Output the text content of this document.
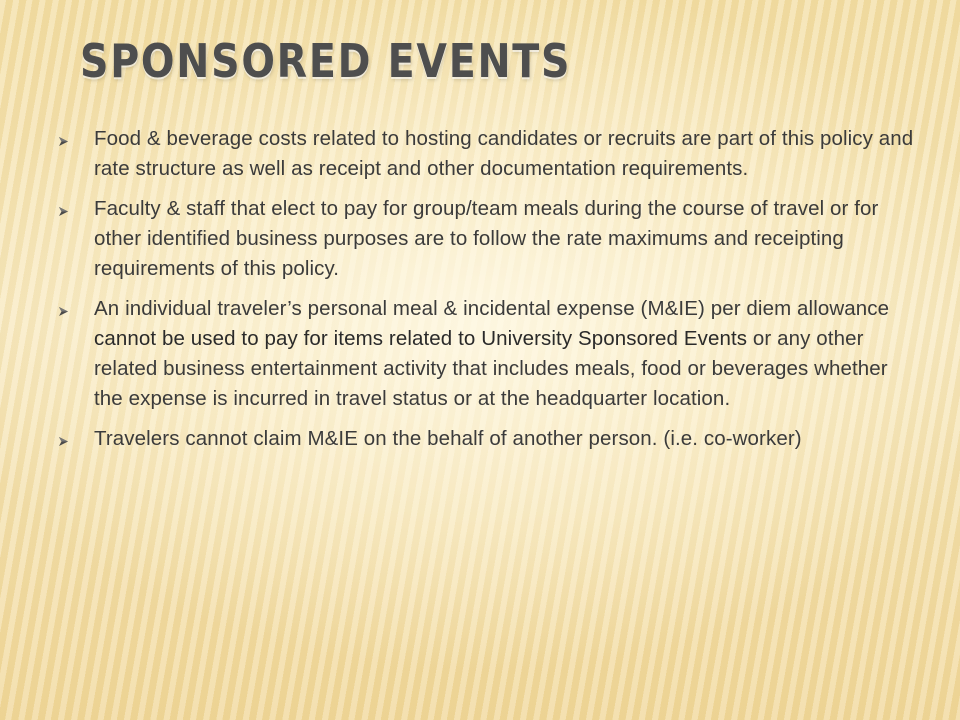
SPONSORED EVENTS
Food & beverage costs related to hosting candidates or recruits are part of this policy and rate structure as well as receipt and other documentation requirements.
Faculty & staff that elect to pay for group/team meals during the course of travel or for other identified business purposes are to follow the rate maximums and receipting requirements of this policy.
An individual traveler’s personal meal & incidental expense (M&IE) per diem allowance cannot be used to pay for items related to University Sponsored Events or any other related business entertainment activity that includes meals, food or beverages whether the expense is incurred in travel status or at the headquarter location.
Travelers cannot claim M&IE on the behalf of another person. (i.e. co-worker)
